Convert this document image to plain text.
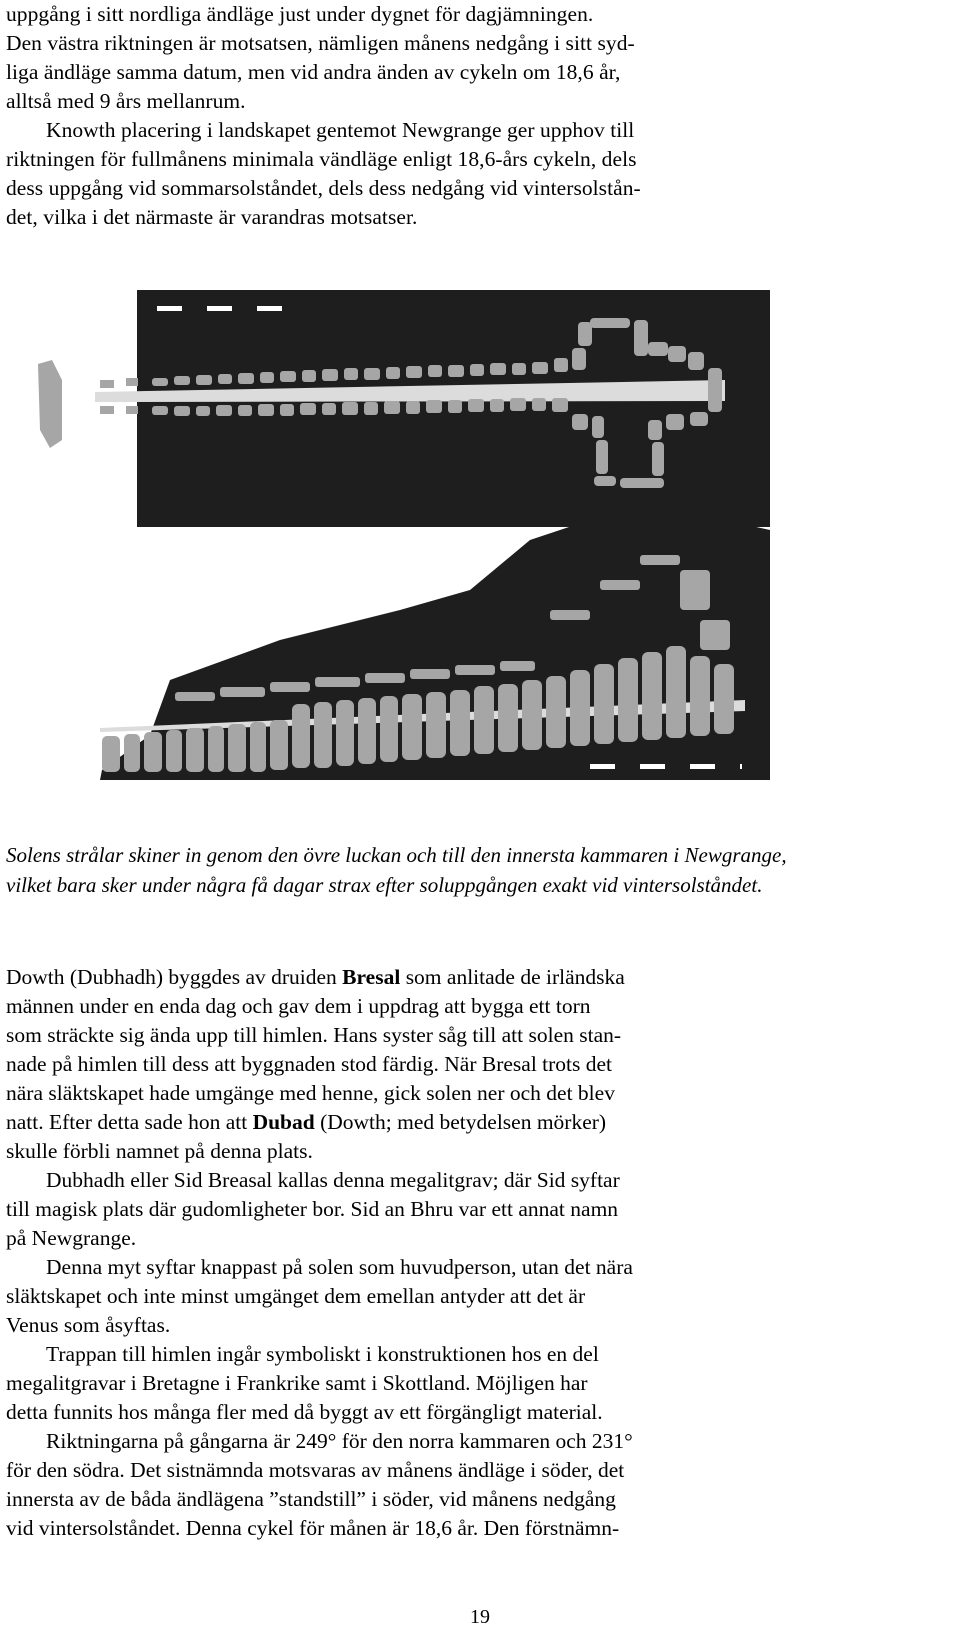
uppgång i sitt nordliga ändläge just under dygnet för dagjämningen.
Den västra riktningen är motsatsen, nämligen månens nedgång i sitt syd-
liga ändläge samma datum, men vid andra änden av cykeln om 18,6 år,
alltså med 9 års mellanrum.
Knowth placering i landskapet gentemot Newgrange ger upphov till
riktningen för fullmånens minimala vändläge enligt 18,6-års cykeln, dels
dess uppgång vid sommarsolståndet, dels dess nedgång vid vintersolstån-
det, vilka i det närmaste är varandras motsatser.
Solens strålar skiner in genom den övre luckan och till den innersta kammaren i Newgrange,
vilket bara sker under några få dagar strax efter soluppgången exakt vid vintersolståndet.
Dowth (Dubhadh) byggdes av druiden Bresal som anlitade de irländska
männen under en enda dag och gav dem i uppdrag att bygga ett torn
som sträckte sig ända upp till himlen. Hans syster såg till att solen stan-
nade på himlen till dess att byggnaden stod färdig. När Bresal trots det
nära släktskapet hade umgänge med henne, gick solen ner och det blev
natt. Efter detta sade hon att Dubad (Dowth; med betydelsen mörker)
skulle förbli namnet på denna plats.
Dubhadh eller Sid Breasal kallas denna megalitgrav; där Sid syftar
till magisk plats där gudomligheter bor. Sid an Bhru var ett annat namn
på Newgrange.
Denna myt syftar knappast på solen som huvudperson, utan det nära
släktskapet och inte minst umgänget dem emellan antyder att det är
Venus som åsyftas.
Trappan till himlen ingår symboliskt i konstruktionen hos en del
megalitgravar i Bretagne i Frankrike samt i Skottland. Möjligen har
detta funnits hos många fler med då byggt av ett förgängligt material.
Riktningarna på gångarna är 249° för den norra kammaren och 231°
för den södra. Det sistnämnda motsvaras av månens ändläge i söder, det
innersta av de båda ändlägena ”standstill” i söder, vid månens nedgång
vid vintersolståndet. Denna cykel för månen är 18,6 år. Den förstnämn-
19
